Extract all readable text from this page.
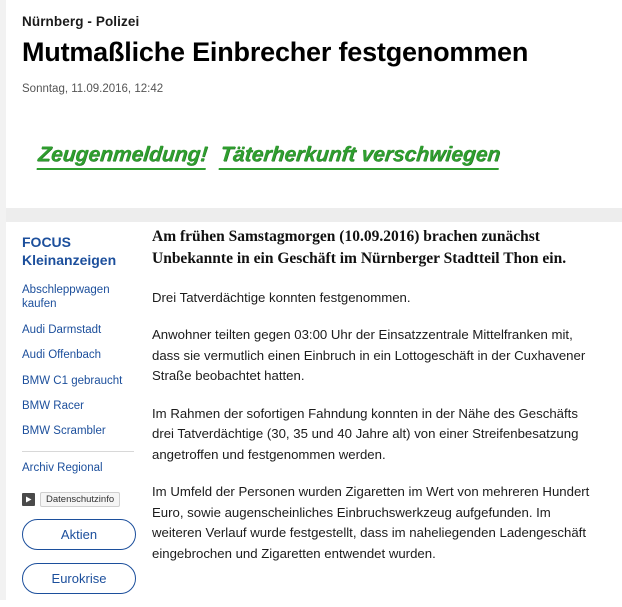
Nürnberg - Polizei
Mutmaßliche Einbrecher festgenommen
Sonntag, 11.09.2016, 12:42
Zeugenmeldung! Täterherkunft verschwiegen
FOCUS Kleinanzeigen
Abschleppwagen kaufen
Audi Darmstadt
Audi Offenbach
BMW C1 gebraucht
BMW Racer
BMW Scrambler
Archiv Regional
Datenschutzinfo
Aktien
Eurokrise

Am frühen Samstagmorgen (10.09.2016) brachen zunächst Unbekannte in ein Geschäft im Nürnberger Stadtteil Thon ein.

Drei Tatverdächtige konnten festgenommen.

Anwohner teilten gegen 03:00 Uhr der Einsatzzentrale Mittelfranken mit, dass sie vermutlich einen Einbruch in ein Lottogeschäft in der Cuxhavener Straße beobachtet hatten.

Im Rahmen der sofortigen Fahndung konnten in der Nähe des Geschäfts drei Tatverdächtige (30, 35 und 40 Jahre alt) von einer Streifenbesatzung angetroffen und festgenommen werden.

Im Umfeld der Personen wurden Zigaretten im Wert von mehreren Hundert Euro, sowie augenscheinliches Einbruchswerkzeug aufgefunden. Im weiteren Verlauf wurde festgestellt, dass im naheliegenden Ladengeschäft eingebrochen und Zigaretten entwendet wurden.
